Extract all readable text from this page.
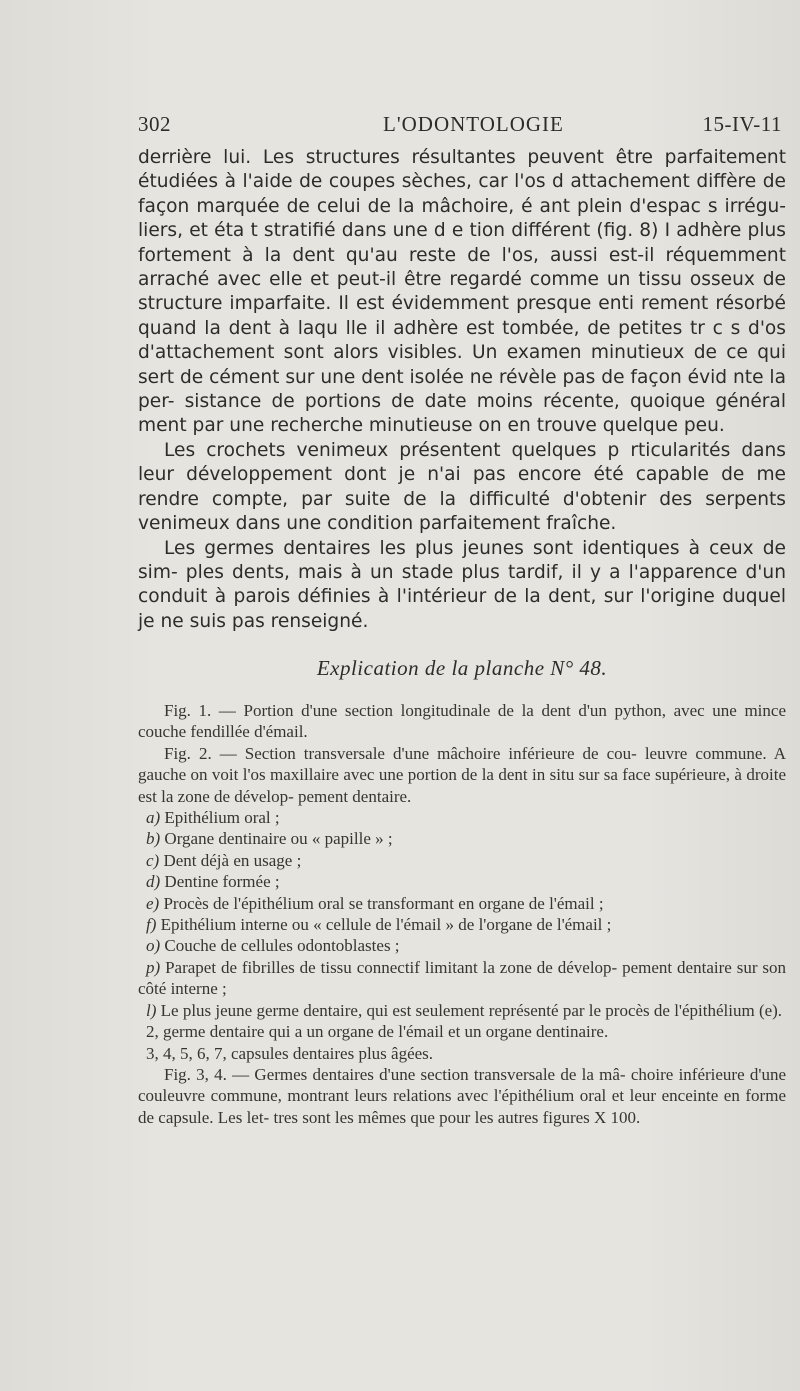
302	L'ODONTOLOGIE	15-IV-11

derrière lui. Les structures résultantes peuvent être parfaitement étudiées à l'aide de coupes sèches, car l'os d attachement diffère de façon marquée de celui de la mâchoire, é ant plein d'espac s irrégu- liers, et éta t stratifié dans une d e tion différent (fig. 8) I adhère plus fortement à la dent qu'au reste de l'os, aussi est-il réquemment arraché avec elle et peut-il être regardé comme un tissu osseux de structure imparfaite. Il est évidemment presque enti rement résorbé quand la dent à laqu lle il adhère est tombée, de petites tr c s d'os d'attachement sont alors visibles. Un examen minutieux de ce qui sert de cément sur une dent isolée ne révèle pas de façon évid nte la per- sistance de portions de date moins récente, quoique général ment par une recherche minutieuse on en trouve quelque peu.

Les crochets venimeux présentent quelques p rticularités dans leur développement dont je n'ai pas encore été capable de me rendre compte, par suite de la difficulté d'obtenir des serpents venimeux dans une condition parfaitement fraîche.

Les germes dentaires les plus jeunes sont identiques à ceux de sim- ples dents, mais à un stade plus tardif, il y a l'apparence d'un conduit à parois définies à l'intérieur de la dent, sur l'origine duquel je ne suis pas renseigné.

Explication de la planche N° 48.

Fig. 1. — Portion d'une section longitudinale de la dent d'un python, avec une mince couche fendillée d'émail.

Fig. 2. — Section transversale d'une mâchoire inférieure de cou- leuvre commune. A gauche on voit l'os maxillaire avec une portion de la dent in situ sur sa face supérieure, à droite est la zone de dévelop- pement dentaire.

a) Epithélium oral ;

b) Organe dentinaire ou « papille » ;

c) Dent déjà en usage ;

d) Dentine formée ;

e) Procès de l'épithélium oral se transformant en organe de l'émail ;

f) Epithélium interne ou « cellule de l'émail » de l'organe de l'émail ;

o) Couche de cellules odontoblastes ;

p) Parapet de fibrilles de tissu connectif limitant la zone de dévelop- pement dentaire sur son côté interne ;

l) Le plus jeune germe dentaire, qui est seulement représenté par le procès de l'épithélium (e).

2, germe dentaire qui a un organe de l'émail et un organe dentinaire.

3, 4, 5, 6, 7, capsules dentaires plus âgées.

Fig. 3, 4. — Germes dentaires d'une section transversale de la mâ- choire inférieure d'une couleuvre commune, montrant leurs relations avec l'épithélium oral et leur enceinte en forme de capsule. Les let- tres sont les mêmes que pour les autres figures X 100.
